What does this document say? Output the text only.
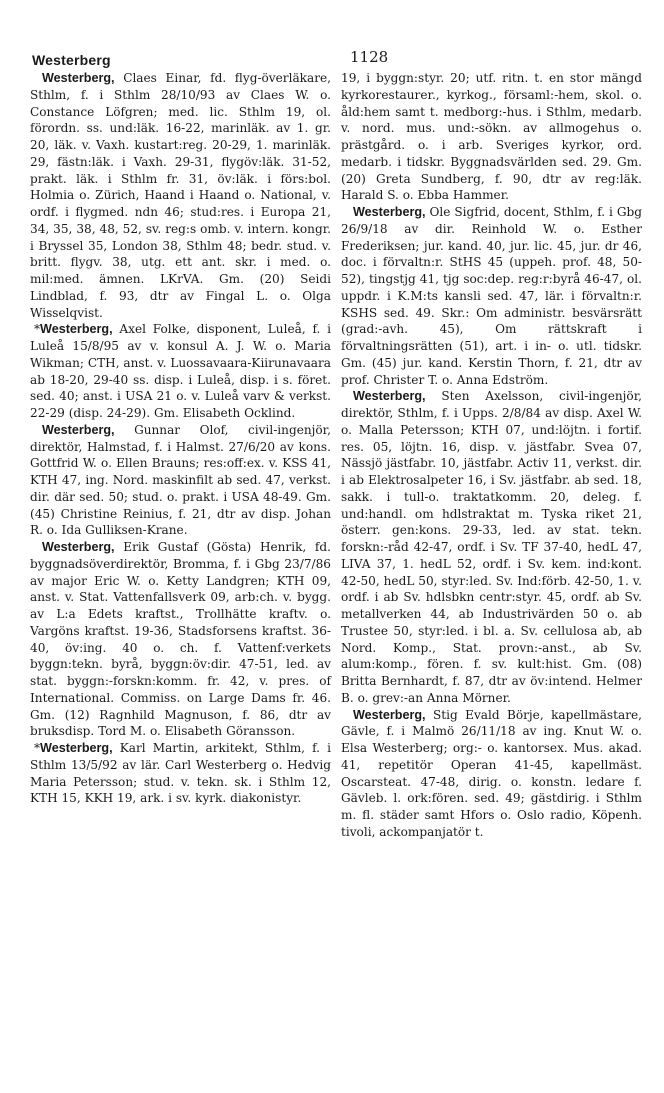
Westerberg	1128

Westerberg, Claes Einar, fd. flyg-överläkare, Sthlm, f. i Sthlm 28/10/93 av Claes W. o. Constance Löfgren; med. lic. Sthlm 19, ol. förordn. ss. und:läk. 16-22, marinläk. av 1. gr. 20, läk. v. Vaxh. kustart:reg. 20-29, 1. marinläk. 29, fästn:läk. i Vaxh. 29-31, flygöv:läk. 31-52, prakt. läk. i Sthlm fr. 31, öv:läk. i förs:bol. Holmia o. Zürich, Haand i Haand o. National, v. ordf. i flygmed. ndn 46; stud:res. i Europa 21, 34, 35, 38, 48, 52, sv. reg:s omb. v. intern. kongr. i Bryssel 35, London 38, Sthlm 48; bedr. stud. v. britt. flygv. 38, utg. ett ant. skr. i med. o. mil:med. ämnen. LKrVA. Gm. (20) Seidi Lindblad, f. 93, dtr av Fingal L. o. Olga Wisselqvist.

*Westerberg, Axel Folke, disponent, Luleå, f. i Luleå 15/8/95 av v. konsul A. J. W. o. Maria Wikman; CTH, anst. v. Luossavaara-Kiirunavaara ab 18-20, 29-40 ss. disp. i Luleå, disp. i s. föret. sed. 40; anst. i USA 21 o. v. Luleå varv & verkst. 22-29 (disp. 24-29). Gm. Elisabeth Ocklind.

Westerberg, Gunnar Olof, civil-ingenjör, direktör, Halmstad, f. i Halmst. 27/6/20 av kons. Gottfrid W. o. Ellen Brauns; res:off:ex. v. KSS 41, KTH 47, ing. Nord. maskinfilt ab sed. 47, verkst. dir. där sed. 50; stud. o. prakt. i USA 48-49. Gm. (45) Christine Reinius, f. 21, dtr av disp. Johan R. o. Ida Gulliksen-Krane.

Westerberg, Erik Gustaf (Gösta) Henrik, fd. byggnadsöverdirektör, Bromma, f. i Gbg 23/7/86 av major Eric W. o. Ketty Landgren; KTH 09, anst. v. Stat. Vattenfallsverk 09, arb:ch. v. bygg. av L:a Edets kraftst., Trollhätte kraftv. o. Vargöns kraftst. 19-36, Stadsforsens kraftst. 36-40, öv:ing. 40 o. ch. f. Vattenf:verkets byggn:tekn. byrå, byggn:öv:dir. 47-51, led. av stat. byggn:-forskn:komm. fr. 42, v. pres. of International. Commiss. on Large Dams fr. 46. Gm. (12) Ragnhild Magnuson, f. 86, dtr av bruksdisp. Tord M. o. Elisabeth Göransson.

*Westerberg, Karl Martin, arkitekt, Sthlm, f. i Sthlm 13/5/92 av lär. Carl Westerberg o. Hedvig Maria Petersson; stud. v. tekn. sk. i Sthlm 12, KTH 15, KKH 19, ark. i sv. kyrk. diakonistyr.

19, i byggn:styr. 20; utf. ritn. t. en stor mängd kyrkorestaurer., kyrkog., församl:-hem, skol. o. åld:hem samt t. medborg:-hus. i Sthlm, medarb. v. nord. mus. und:-sökn. av allmogehus o. prästgård. o. i arb. Sveriges kyrkor, ord. medarb. i tidskr. Byggnadsvärlden sed. 29. Gm. (20) Greta Sundberg, f. 90, dtr av reg:läk. Harald S. o. Ebba Hammer.

Westerberg, Ole Sigfrid, docent, Sthlm, f. i Gbg 26/9/18 av dir. Reinhold W. o. Esther Frederiksen; jur. kand. 40, jur. lic. 45, jur. dr 46, doc. i förvaltn:r. StHS 45 (uppeh. prof. 48, 50-52), tingstjg 41, tjg soc:dep. reg:r:byrå 46-47, ol. uppdr. i K.M:ts kansli sed. 47, lär. i förvaltn:r. KSHS sed. 49. Skr.: Om administr. besvärsrätt (grad:-avh. 45), Om rättskraft i förvaltningsrätten (51), art. i in- o. utl. tidskr. Gm. (45) jur. kand. Kerstin Thorn, f. 21, dtr av prof. Christer T. o. Anna Edström.

Westerberg, Sten Axelsson, civil-ingenjör, direktör, Sthlm, f. i Upps. 2/8/84 av disp. Axel W. o. Malla Petersson; KTH 07, und:löjtn. i fortif. res. 05, löjtn. 16, disp. v. jästfabr. Svea 07, Nässjö jästfabr. 10, jästfabr. Activ 11, verkst. dir. i ab Elektrosalpeter 16, i Sv. jästfabr. ab sed. 18, sakk. i tull-o. traktatkomm. 20, deleg. f. und:handl. om hdlstraktat m. Tyska riket 21, österr. gen:kons. 29-33, led. av stat. tekn. forskn:-råd 42-47, ordf. i Sv. TF 37-40, hedL 47, LIVA 37, 1. hedL 52, ordf. i Sv. kem. ind:kont. 42-50, hedL 50, styr:led. Sv. Ind:förb. 42-50, 1. v. ordf. i ab Sv. hdlsbkn centr:styr. 45, ordf. ab Sv. metallverken 44, ab Industrivärden 50 o. ab Trustee 50, styr:led. i bl. a. Sv. cellulosa ab, ab Nord. Komp., Stat. provn:-anst., ab Sv. alum:komp., fören. f. sv. kult:hist. Gm. (08) Britta Bernhardt, f. 87, dtr av öv:intend. Helmer B. o. grev:-an Anna Mörner.

Westerberg, Stig Evald Börje, kapellmästare, Gävle, f. i Malmö 26/11/18 av ing. Knut W. o. Elsa Westerberg; org:- o. kantorsex. Mus. akad. 41, repetitör Operan 41-45, kapellmäst. Oscarsteat. 47-48, dirig. o. konstn. ledare f. Gävleb. l. ork:fören. sed. 49; gästdirig. i Sthlm m. fl. städer samt Hfors o. Oslo radio, Köpenh. tivoli, ackompanjatör t.
